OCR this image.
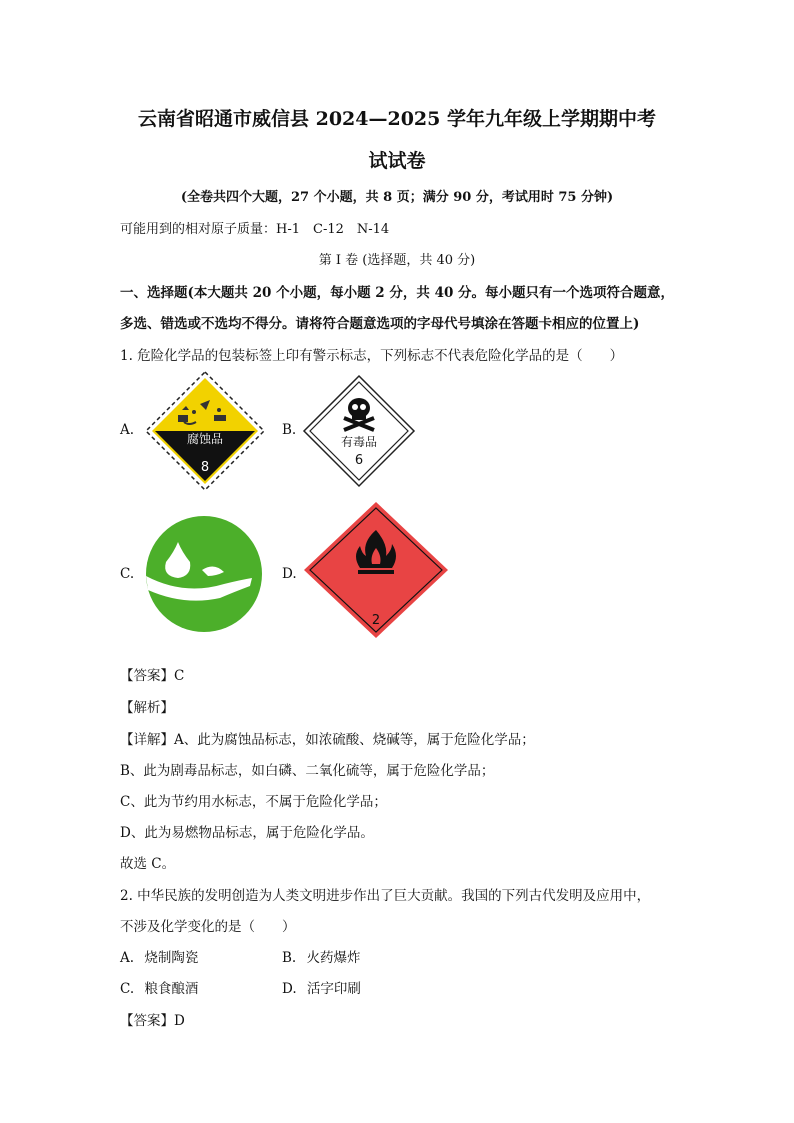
云南省昭通市威信县 2024—2025 学年九年级上学期期中考
试试卷
(全卷共四个大题，27 个小题，共 8 页；满分 90 分，考试用时 75 分钟)
可能用到的相对原子质量：H-1　C-12　N-14
第 I 卷 (选择题，共 40 分)
一、选择题(本大题共 20 个小题，每小题 2 分，共 40 分。每小题只有一个选项符合题意，
多选、错选或不选均不得分。请将符合题意选项的字母代号填涂在答题卡相应的位置上)
1. 危险化学品的包装标签上印有警示标志，下列标志不代表危险化学品的是（　　）
A.
腐蚀品
8
B.
有毒品
6
C.	D.
2
【答案】C
【解析】
【详解】A、此为腐蚀品标志，如浓硫酸、烧碱等，属于危险化学品；
B、此为剧毒品标志，如白磷、二氧化硫等，属于危险化学品；
C、此为节约用水标志，不属于危险化学品；
D、此为易燃物品标志，属于危险化学品。
故选 C。
2. 中华民族的发明创造为人类文明进步作出了巨大贡献。我国的下列古代发明及应用中，
不涉及化学变化的是（　　）
A. 烧制陶瓷	B. 火药爆炸
C. 粮食酿酒	D. 活字印刷
【答案】D
